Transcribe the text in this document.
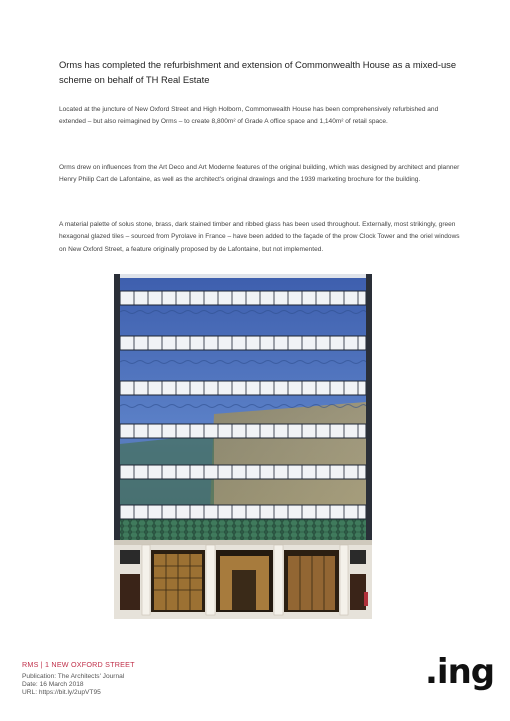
Orms has completed the refurbishment and extension of Commonwealth House as a mixed-use scheme on behalf of TH Real Estate
Located at the juncture of New Oxford Street and High Holborn, Commonwealth House has been comprehensively refurbished and extended – but also reimagined by Orms – to create 8,800m² of Grade A office space and 1,140m² of retail space.
Orms drew on influences from the Art Deco and Art Moderne features of the original building, which was designed by architect and planner Henry Philip Cart de Lafontaine, as well as the architect's original drawings and the 1939 marketing brochure for the building.
A material palette of solus stone, brass, dark stained timber and ribbed glass has been used throughout. Externally, most strikingly, green hexagonal glazed tiles – sourced from Pyrolave in France – have been added to the façade of the prow Clock Tower and the oriel windows on New Oxford Street, a feature originally proposed by de Lafontaine, but not implemented.
RMS | 1 NEW OXFORD STREET
Publication: The Architects' Journal
Date: 16 March 2018
URL: https://bit.ly/2upVT95
.ing
